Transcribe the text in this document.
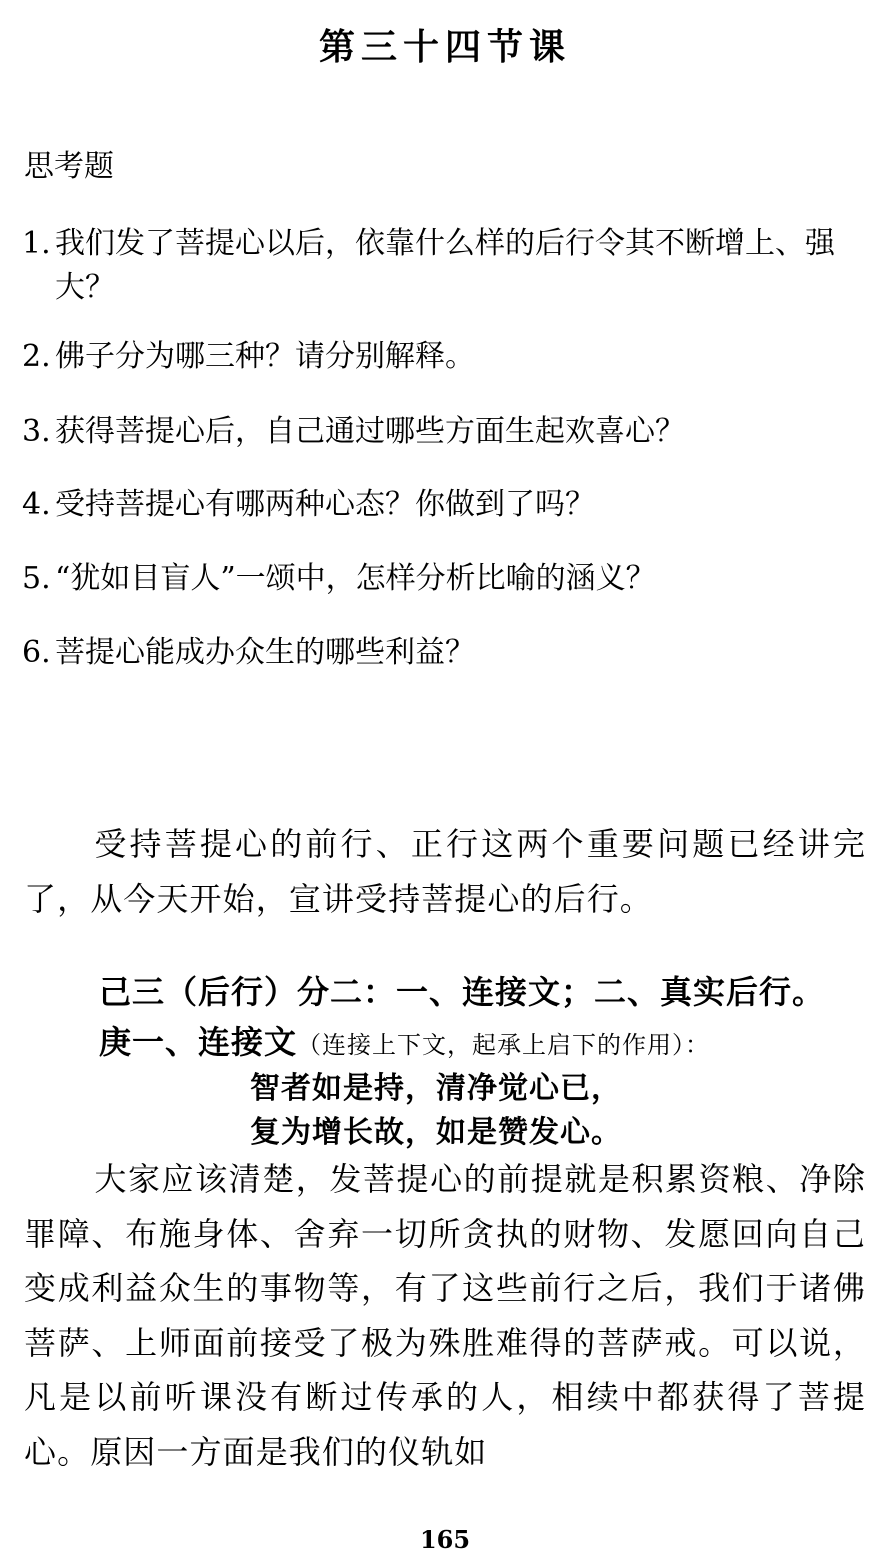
第三十四节课
思考题
1. 我们发了菩提心以后，依靠什么样的后行令其不断增上、强大？
2. 佛子分为哪三种？请分别解释。
3. 获得菩提心后，自己通过哪些方面生起欢喜心？
4. 受持菩提心有哪两种心态？你做到了吗？
5. “犹如目盲人”一颂中，怎样分析比喻的涵义？
6. 菩提心能成办众生的哪些利益？
受持菩提心的前行、正行这两个重要问题已经讲完了，从今天开始，宣讲受持菩提心的后行。
己三（后行）分二：一、连接文；二、真实后行。
庚一、连接文（连接上下文，起承上启下的作用）：
智者如是持，清净觉心已，
复为增长故，如是赞发心。
大家应该清楚，发菩提心的前提就是积累资粮、净除罪障、布施身体、舍弃一切所贪执的财物、发愿回向自己变成利益众生的事物等，有了这些前行之后，我们于诸佛菩萨、上师面前接受了极为殊胜难得的菩萨戒。可以说，凡是以前听课没有断过传承的人，相续中都获得了菩提心。原因一方面是我们的仪轨如
165
